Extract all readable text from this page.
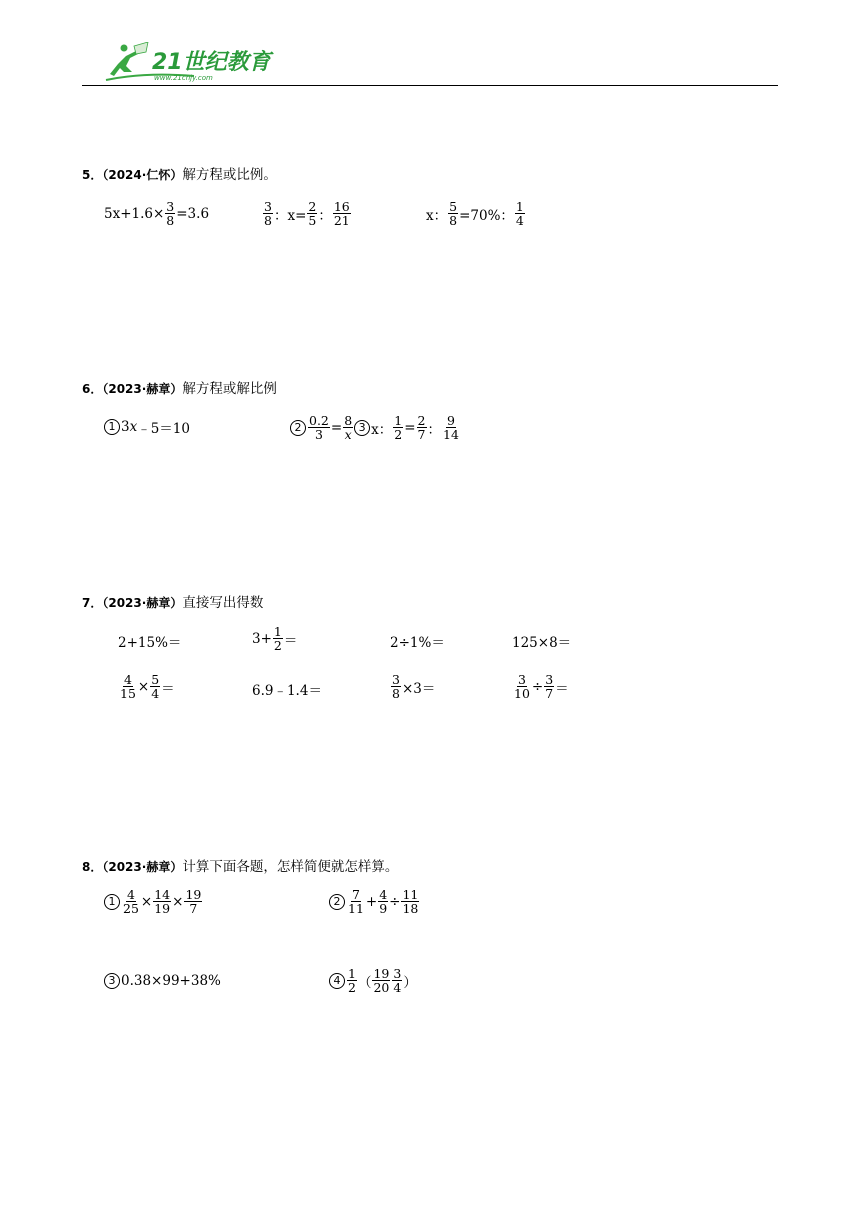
21世纪教育
www.21cnjy.com
5．（2024·仁怀）解方程或比例。
$5x+1.6\times \frac{3}{8} =3.6$	$\frac{3}{8}$ ：$x= \frac{2}{5}$ ： $\frac{16}{21}$	x： $\frac{5}{8} =70\%$： $\frac{1}{4}$
6．（2023·赫章）解方程或解比例
1 3 x ﹣5＝10	$2 \frac{0.2}{3} = \frac{8}{x} 3$ x： $\frac{1}{2} = \frac{2}{7}$ ： $\frac{9}{14}$
7．（2023·赫章）直接写出得数
2+15%＝	$3+ \frac{1}{2}$ ＝	2÷1%＝	125×8＝
$\frac{4}{15} \times \frac{5}{4}$ ＝	6.9﹣1.4＝	$\frac{3}{8} \times 3=$	$\frac{3}{10} \div \frac{3}{7}$ ＝
8．（2023·赫章）计算下面各题，怎样简便就怎样算。
$1 \frac{4}{25} \times \frac{14}{19} \times \frac{19}{7}$	$2 \frac{7}{11} + \frac{4}{9} \div \frac{11}{18}$
3 0.38×99+38%	$4 \frac{1}{2}$ （ $\frac{19}{20} \frac{3}{4}$ ）
